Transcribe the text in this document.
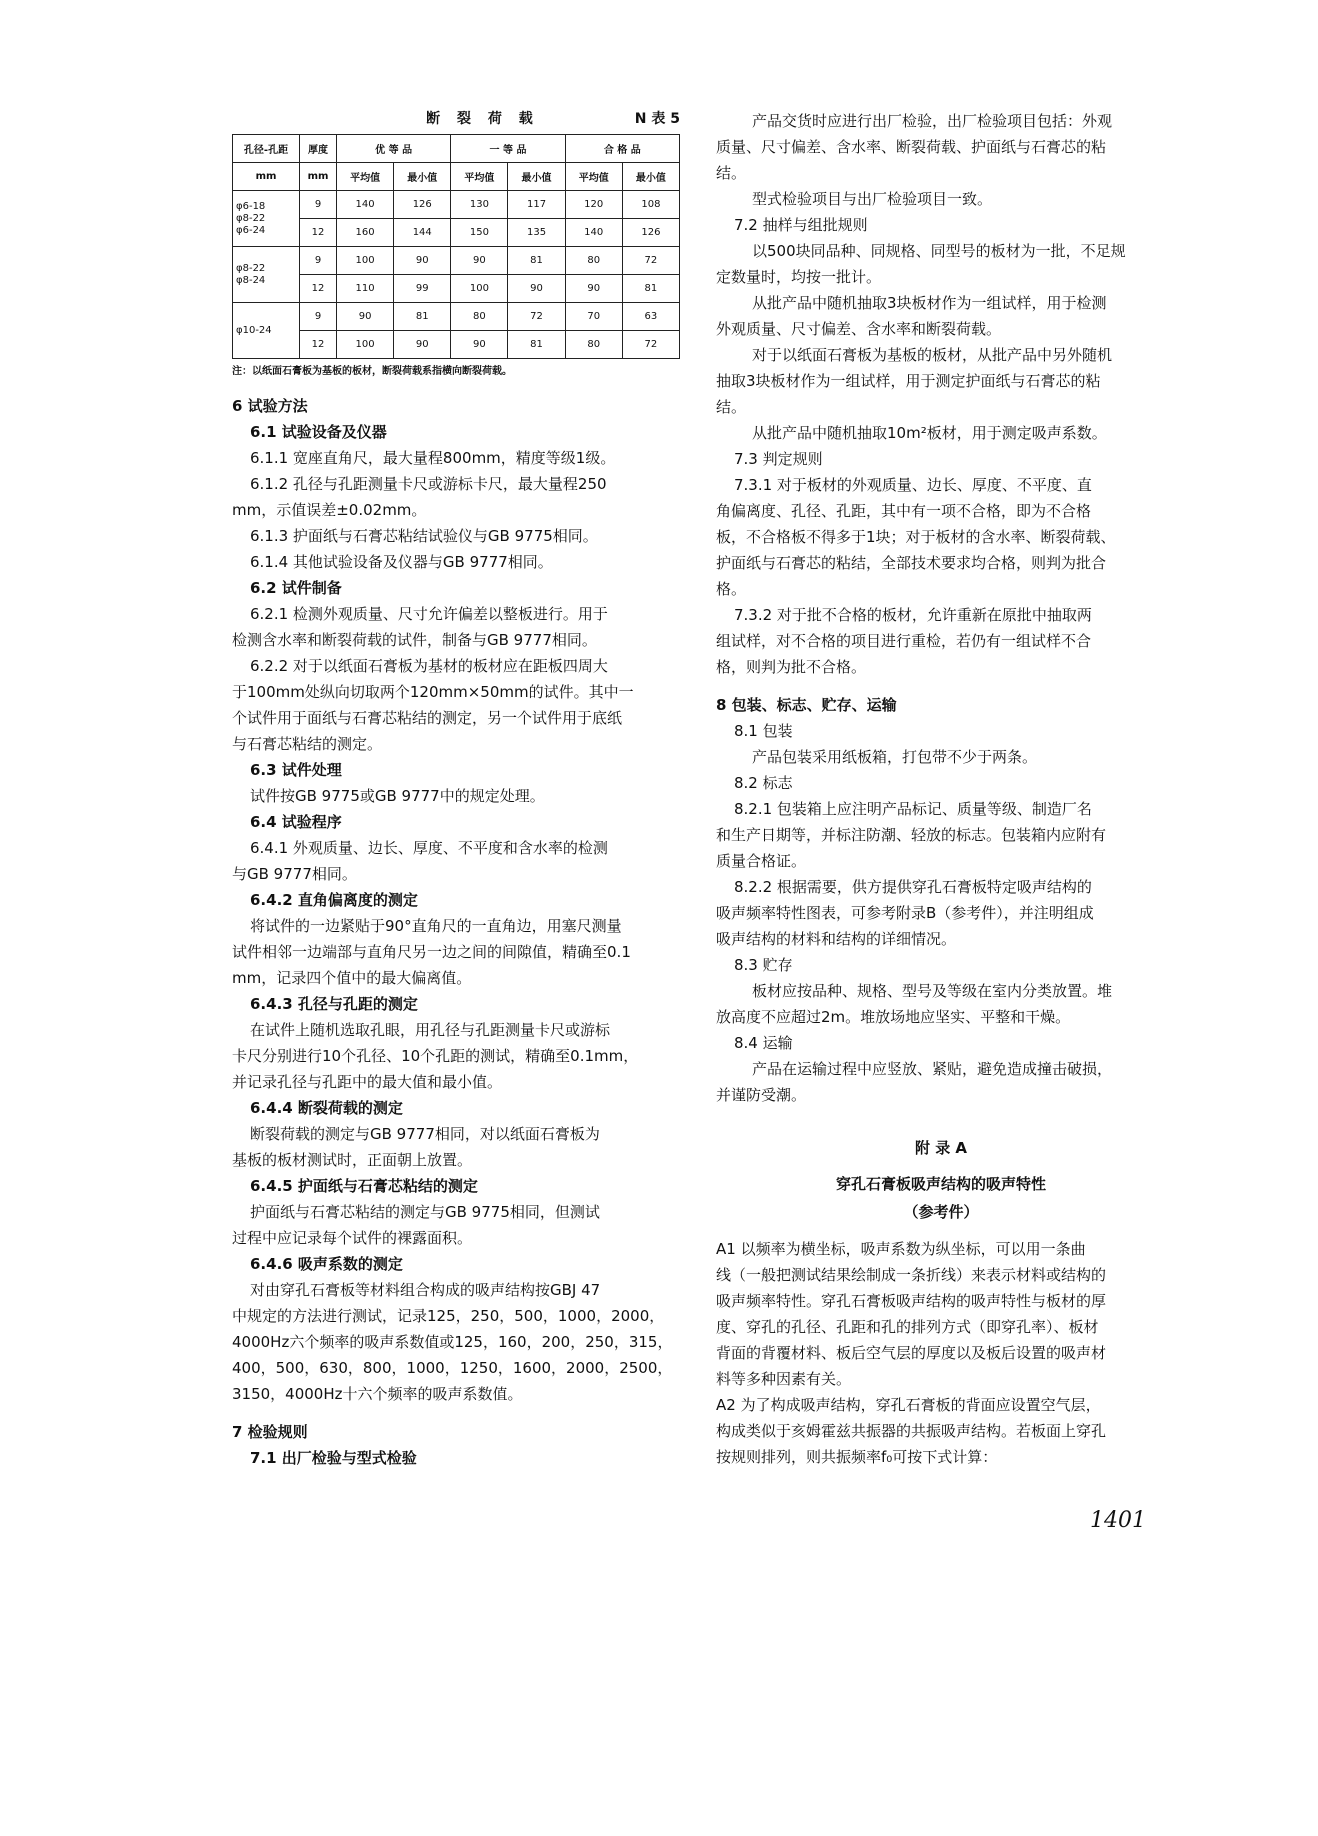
断 裂 荷 载	N 表 5
孔径-孔距	厚度	优 等 品		一 等 品		合 格 品	
mm	mm	平均值	最小值	平均值	最小值	平均值	最小值
φ6-18
φ8-22
φ6-24	9	140	126	130	117	120	108
	12	160	144	150	135	140	126
φ8-22
φ8-24	9	100	90	90	81	80	72
	12	110	99	100	90	90	81
φ10-24	9	90	81	80	72	70	63
	12	100	90	90	81	80	72
注：以纸面石膏板为基板的板材，断裂荷载系指横向断裂荷载。

6 试验方法

6.1 试验设备及仪器

6.1.1 宽座直角尺，最大量程800mm，精度等级1级。

6.1.2 孔径与孔距测量卡尺或游标卡尺，最大量程250

mm，示值误差±0.02mm。

6.1.3 护面纸与石膏芯粘结试验仪与GB 9775相同。

6.1.4 其他试验设备及仪器与GB 9777相同。

6.2 试件制备

6.2.1 检测外观质量、尺寸允许偏差以整板进行。用于

检测含水率和断裂荷载的试件，制备与GB 9777相同。

6.2.2 对于以纸面石膏板为基材的板材应在距板四周大

于100mm处纵向切取两个120mm×50mm的试件。其中一

个试件用于面纸与石膏芯粘结的测定，另一个试件用于底纸

与石膏芯粘结的测定。

6.3 试件处理

试件按GB 9775或GB 9777中的规定处理。

6.4 试验程序

6.4.1 外观质量、边长、厚度、不平度和含水率的检测

与GB 9777相同。

6.4.2 直角偏离度的测定

将试件的一边紧贴于90°直角尺的一直角边，用塞尺测量

试件相邻一边端部与直角尺另一边之间的间隙值，精确至0.1

mm，记录四个值中的最大偏离值。

6.4.3 孔径与孔距的测定

在试件上随机选取孔眼，用孔径与孔距测量卡尺或游标

卡尺分别进行10个孔径、10个孔距的测试，精确至0.1mm，

并记录孔径与孔距中的最大值和最小值。

6.4.4 断裂荷载的测定

断裂荷载的测定与GB 9777相同，对以纸面石膏板为

基板的板材测试时，正面朝上放置。

6.4.5 护面纸与石膏芯粘结的测定

护面纸与石膏芯粘结的测定与GB 9775相同，但测试

过程中应记录每个试件的裸露面积。

6.4.6 吸声系数的测定

对由穿孔石膏板等材料组合构成的吸声结构按GBJ 47

中规定的方法进行测试，记录125，250，500，1000，2000，

4000Hz六个频率的吸声系数值或125，160，200，250，315，

400，500，630，800，1000，1250，1600，2000，2500，

3150，4000Hz十六个频率的吸声系数值。

7 检验规则

7.1 出厂检验与型式检验

产品交货时应进行出厂检验，出厂检验项目包括：外观

质量、尺寸偏差、含水率、断裂荷载、护面纸与石膏芯的粘

结。

型式检验项目与出厂检验项目一致。

7.2 抽样与组批规则

以500块同品种、同规格、同型号的板材为一批，不足规

定数量时，均按一批计。

从批产品中随机抽取3块板材作为一组试样，用于检测

外观质量、尺寸偏差、含水率和断裂荷载。

对于以纸面石膏板为基板的板材，从批产品中另外随机

抽取3块板材作为一组试样，用于测定护面纸与石膏芯的粘

结。

从批产品中随机抽取10m²板材，用于测定吸声系数。

7.3 判定规则

7.3.1 对于板材的外观质量、边长、厚度、不平度、直

角偏离度、孔径、孔距，其中有一项不合格，即为不合格

板，不合格板不得多于1块；对于板材的含水率、断裂荷载、

护面纸与石膏芯的粘结，全部技术要求均合格，则判为批合

格。

7.3.2 对于批不合格的板材，允许重新在原批中抽取两

组试样，对不合格的项目进行重检，若仍有一组试样不合

格，则判为批不合格。

8 包装、标志、贮存、运输

8.1 包装

产品包装采用纸板箱，打包带不少于两条。

8.2 标志

8.2.1 包装箱上应注明产品标记、质量等级、制造厂名

和生产日期等，并标注防潮、轻放的标志。包装箱内应附有

质量合格证。

8.2.2 根据需要，供方提供穿孔石膏板特定吸声结构的

吸声频率特性图表，可参考附录B（参考件），并注明组成

吸声结构的材料和结构的详细情况。

8.3 贮存

板材应按品种、规格、型号及等级在室内分类放置。堆

放高度不应超过2m。堆放场地应坚实、平整和干燥。

8.4 运输

产品在运输过程中应竖放、紧贴，避免造成撞击破损，

并谨防受潮。

附 录 A
穿孔石膏板吸声结构的吸声特性
（参考件）

A1 以频率为横坐标，吸声系数为纵坐标，可以用一条曲

线（一般把测试结果绘制成一条折线）来表示材料或结构的

吸声频率特性。穿孔石膏板吸声结构的吸声特性与板材的厚

度、穿孔的孔径、孔距和孔的排列方式（即穿孔率）、板材

背面的背覆材料、板后空气层的厚度以及板后设置的吸声材

料等多种因素有关。

A2 为了构成吸声结构，穿孔石膏板的背面应设置空气层，

构成类似于亥姆霍兹共振器的共振吸声结构。若板面上穿孔

按规则排列，则共振频率f₀可按下式计算：

1401
